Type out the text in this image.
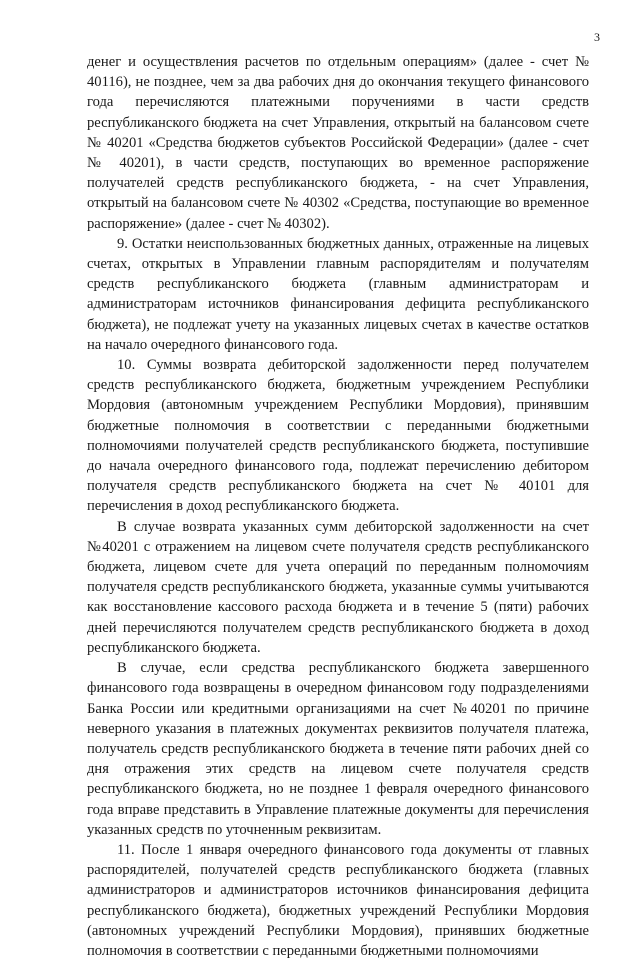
3

денег и осуществления расчетов по отдельным операциям» (далее - счет № 40116), не позднее, чем за два рабочих дня до окончания текущего финансового года перечисляются платежными поручениями в части средств республиканского бюджета на счет Управления, открытый на балансовом счете № 40201 «Средства бюджетов субъектов Российской Федерации» (далее - счет № 40201), в части средств, поступающих во временное распоряжение получателей средств республиканского бюджета, - на счет Управления, открытый на балансовом счете № 40302 «Средства, поступающие во временное распоряжение» (далее - счет № 40302).

9. Остатки неиспользованных бюджетных данных, отраженные на лицевых счетах, открытых в Управлении главным распорядителям и получателям средств республиканского бюджета (главным администраторам и администраторам источников финансирования дефицита республиканского бюджета), не подлежат учету на указанных лицевых счетах в качестве остатков на начало очередного финансового года.

10. Суммы возврата дебиторской задолженности перед получателем средств республиканского бюджета, бюджетным учреждением Республики Мордовия (автономным учреждением Республики Мордовия), принявшим бюджетные полномочия в соответствии с переданными бюджетными полномочиями получателей средств республиканского бюджета, поступившие до начала очередного финансового года, подлежат перечислению дебитором получателя средств республиканского бюджета на счет № 40101 для перечисления в доход республиканского бюджета.

В случае возврата указанных сумм дебиторской задолженности на счет №40201 с отражением на лицевом счете получателя средств республиканского бюджета, лицевом счете для учета операций по переданным полномочиям получателя средств республиканского бюджета, указанные суммы учитываются как восстановление кассового расхода бюджета и в течение 5 (пяти) рабочих дней перечисляются получателем средств республиканского бюджета в доход республиканского бюджета.

В случае, если средства республиканского бюджета завершенного финансового года возвращены в очередном финансовом году подразделениями Банка России или кредитными организациями на счет №40201 по причине неверного указания в платежных документах реквизитов получателя платежа, получатель средств республиканского бюджета в течение пяти рабочих дней со дня отражения этих средств на лицевом счете получателя средств республиканского бюджета, но не позднее 1 февраля очередного финансового года вправе представить в Управление платежные документы для перечисления указанных средств по уточненным реквизитам.

11. После 1 января очередного финансового года документы от главных распорядителей, получателей средств республиканского бюджета (главных администраторов и администраторов источников финансирования дефицита республиканского бюджета), бюджетных учреждений Республики Мордовия (автономных учреждений Республики Мордовия), принявших бюджетные полномочия в соответствии с переданными бюджетными полномочиями
